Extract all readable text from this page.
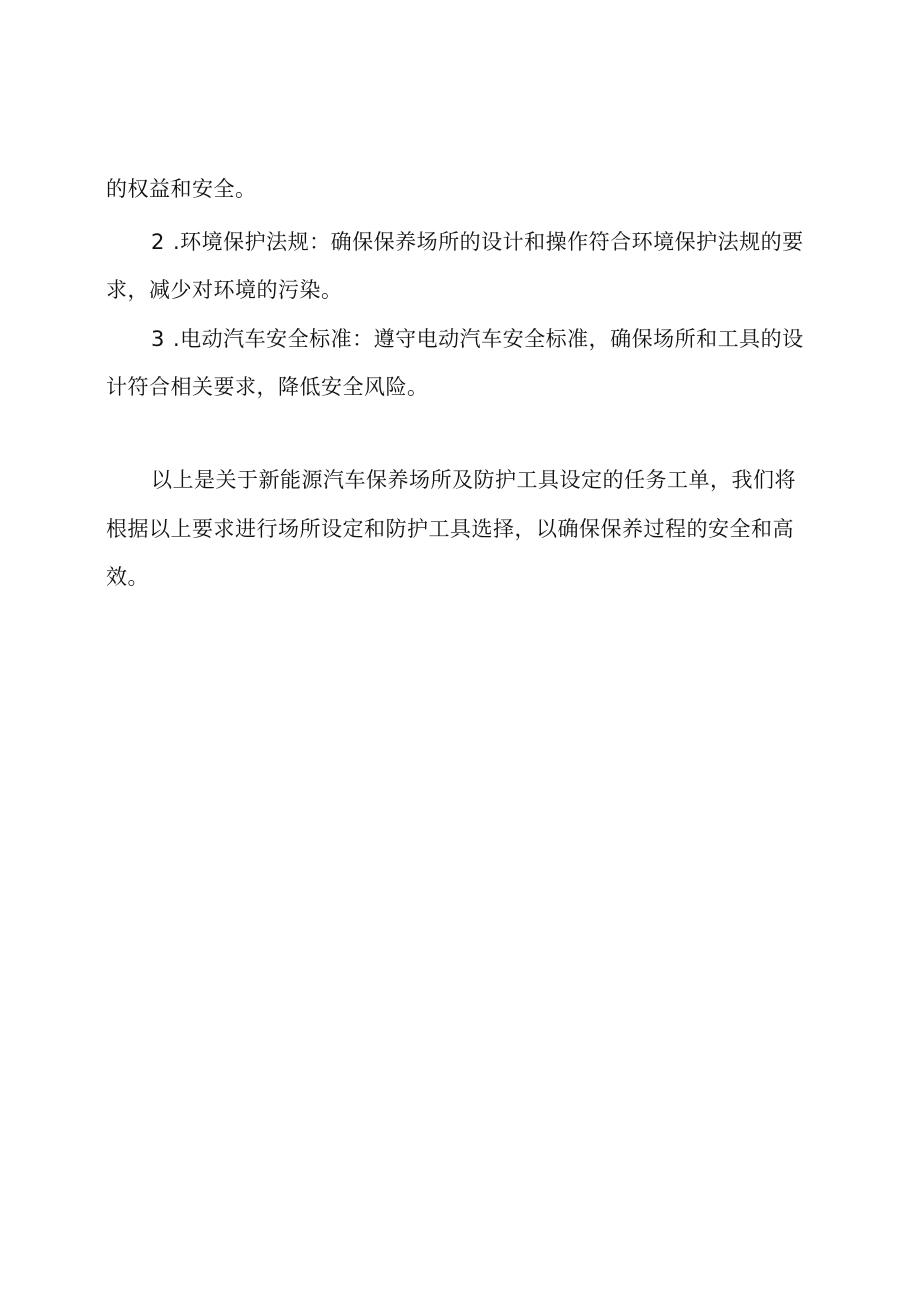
的权益和安全。
2 .环境保护法规：确保保养场所的设计和操作符合环境保护法规的要
求，减少对环境的污染。
3 .电动汽车安全标准：遵守电动汽车安全标准，确保场所和工具的设
计符合相关要求，降低安全风险。
以上是关于新能源汽车保养场所及防护工具设定的任务工单，我们将
根据以上要求进行场所设定和防护工具选择，以确保保养过程的安全和高
效。
